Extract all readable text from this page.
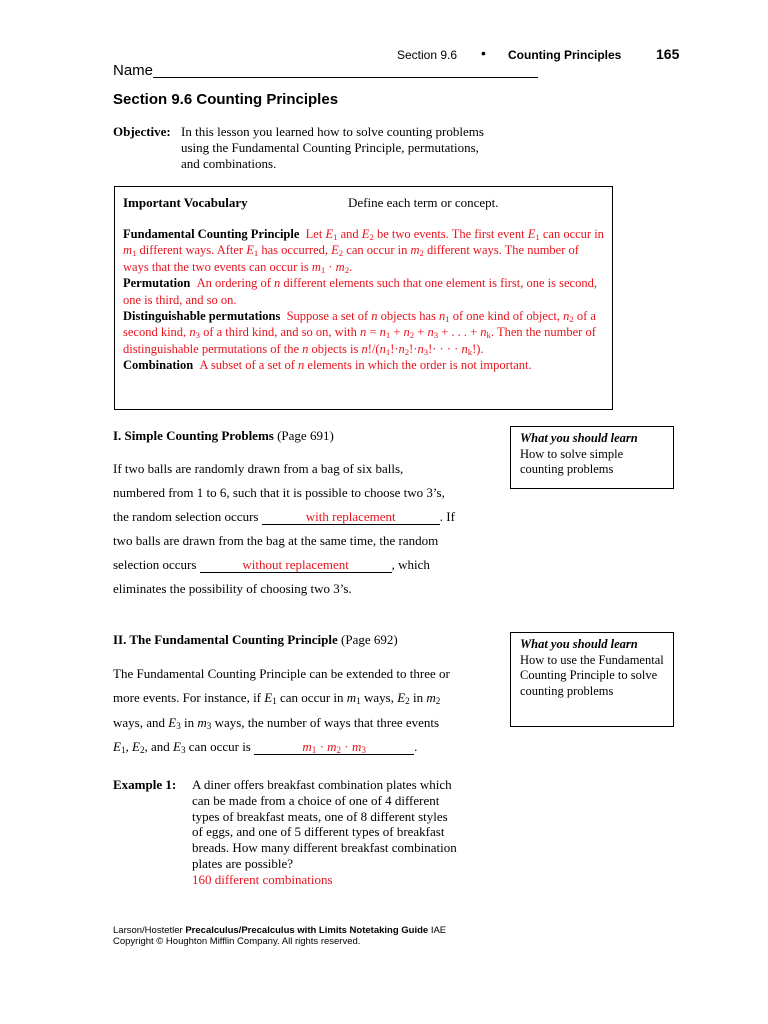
Section 9.6 • Counting Principles 165
Name
Section 9.6 Counting Principles
Objective: In this lesson you learned how to solve counting problems
using the Fundamental Counting Principle, permutations,
and combinations.
Important Vocabulary	Define each term or concept.

Fundamental Counting Principle  Let $E_1$ and $E_2$ be two events. The first event $E_1$ can occur in $m_1$ different ways. After $E_1$ has occurred, $E_2$ can occur in $m_2$ different ways. The number of ways that the two events can occur is $m_1 \cdot m_2$.

Permutation  An ordering of n different elements such that one element is first, one is second, one is third, and so on.

Distinguishable permutations  Suppose a set of n objects has $n_1$ of one kind of object, $n_2$ of a second kind, $n_3$ of a third kind, and so on, with $n = n_1 + n_2 + n_3$ + . . . + $n_k$. Then the number of distinguishable permutations of the n objects is $n!/(n_1!\cdot n_2!\cdot n_3!\cdot$ · · · $n_k$!).

Combination  A subset of a set of n elements in which the order is not important.

I. Simple Counting Problems (Page 691)	What you should learn
How to solve simple counting problems
If two balls are randomly drawn from a bag of six balls,
numbered from 1 to 6, such that it is possible to choose two 3’s,
the random selection occurs	with replacement	. If
two balls are drawn from the bag at the same time, the random
selection occurs	without replacement	, which
eliminates the possibility of choosing two 3’s.
II. The Fundamental Counting Principle (Page 692)	What you should learn
How to use the Fundamental Counting Principle to solve counting problems
The Fundamental Counting Principle can be extended to three or
more events. For instance, if $E_1$ can occur in $m_1$ ways, $E_2$ in $m_2$
ways, and $E_3$ in $m_3$ ways, the number of ways that three events
$E_1$, $E_2$, and $E_3$ can occur is	$m_1 \cdot m_2 \cdot m_3$	.
Example 1: A diner offers breakfast combination plates which
can be made from a choice of one of 4 different
types of breakfast meats, one of 8 different styles
of eggs, and one of 5 different types of breakfast
breads. How many different breakfast combination
plates are possible?
160 different combinations
Larson/Hostetler Precalculus/Precalculus with Limits Notetaking Guide IAE
Copyright © Houghton Mifflin Company. All rights reserved.
